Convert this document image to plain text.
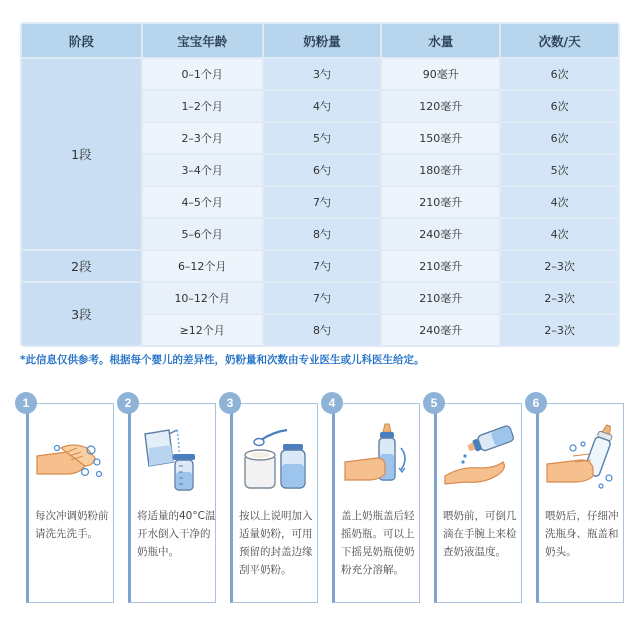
阶段	宝宝年龄	奶粉量	水量	次数/天
1段	0–1个月	3勺	90毫升	6次
	1–2个月	4勺	120毫升	6次
	2–3个月	5勺	150毫升	6次
	3–4个月	6勺	180毫升	5次
	4–5个月	7勺	210毫升	4次
	5–6个月	8勺	240毫升	4次
2段	6–12个月	7勺	210毫升	2–3次
3段	10–12个月	7勺	210毫升	2–3次
	≥12个月	8勺	240毫升	2–3次
*此信息仅供参考。根据每个婴儿的差异性，奶粉量和次数由专业医生或儿科医生给定。
1
每次冲调奶粉前请洗先洗手。
2
将适量的40°C温开水倒入干净的奶瓶中。
3
按以上说明加入适量奶粉，可用预留的封盖边缘刮平奶粉。
4
盖上奶瓶盖后轻摇奶瓶。可以上下摇晃奶瓶使奶粉充分溶解。
5
喂奶前，可倒几滴在手腕上来检查奶液温度。
6
喂奶后，仔细冲洗瓶身、瓶盖和奶头。
